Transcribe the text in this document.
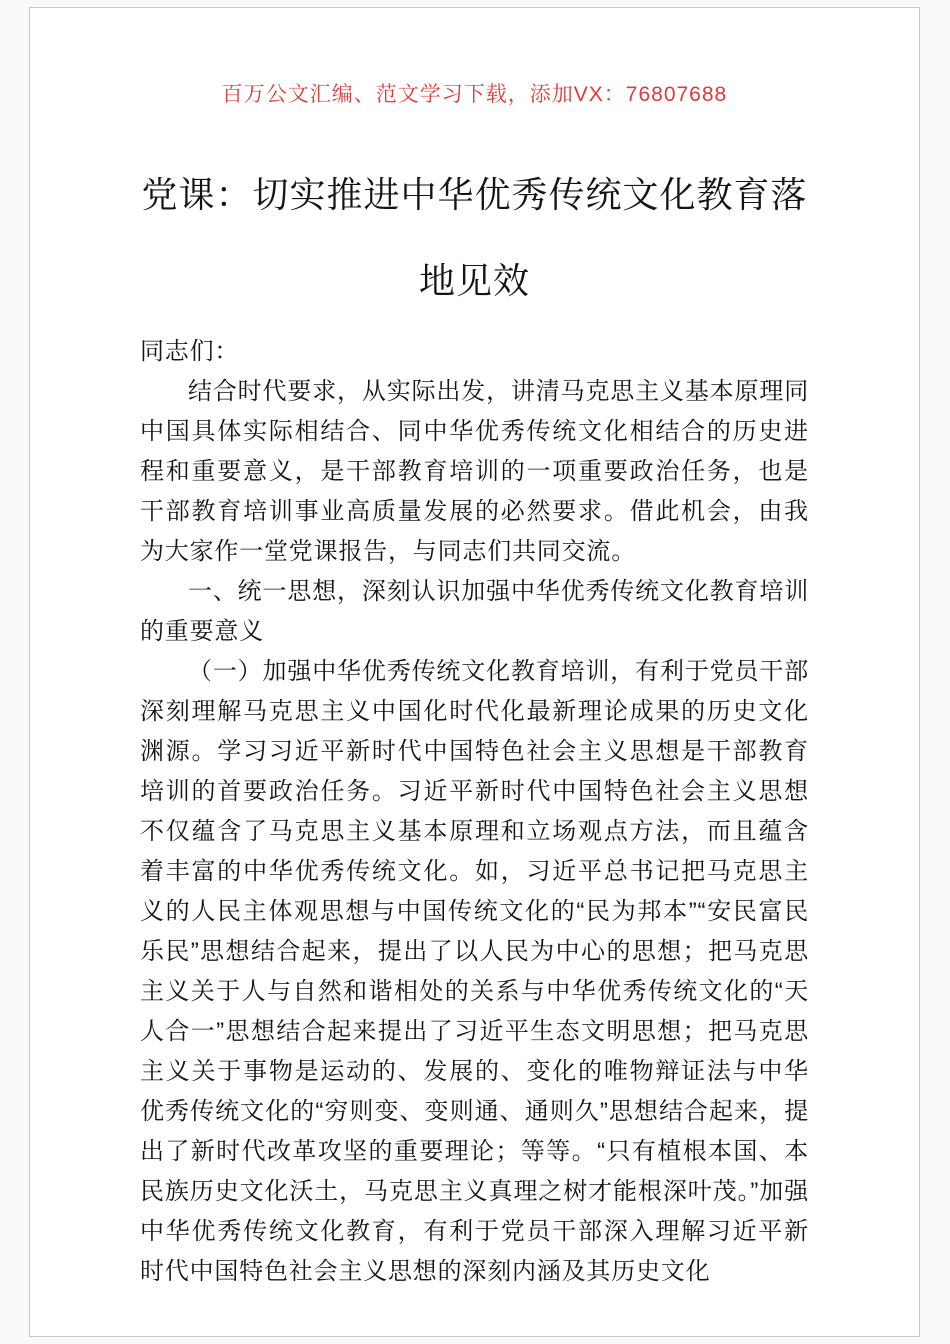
百万公文汇编、范文学习下载，添加VX：76807688
党课：切实推进中华优秀传统文化教育落地见效

同志们：

结合时代要求，从实际出发，讲清马克思主义基本原理同中国具体实际相结合、同中华优秀传统文化相结合的历史进程和重要意义，是干部教育培训的一项重要政治任务，也是干部教育培训事业高质量发展的必然要求。借此机会，由我为大家作一堂党课报告，与同志们共同交流。

一、统一思想，深刻认识加强中华优秀传统文化教育培训的重要意义

（一）加强中华优秀传统文化教育培训，有利于党员干部深刻理解马克思主义中国化时代化最新理论成果的历史文化渊源。学习习近平新时代中国特色社会主义思想是干部教育培训的首要政治任务。习近平新时代中国特色社会主义思想不仅蕴含了马克思主义基本原理和立场观点方法，而且蕴含着丰富的中华优秀传统文化。如，习近平总书记把马克思主义的人民主体观思想与中国传统文化的“民为邦本”“安民富民乐民”思想结合起来，提出了以人民为中心的思想；把马克思主义关于人与自然和谐相处的关系与中华优秀传统文化的“天人合一”思想结合起来提出了习近平生态文明思想；把马克思主义关于事物是运动的、发展的、变化的唯物辩证法与中华优秀传统文化的“穷则变、变则通、通则久”思想结合起来，提出了新时代改革攻坚的重要理论；等等。“只有植根本国、本民族历史文化沃土，马克思主义真理之树才能根深叶茂。”加强中华优秀传统文化教育，有利于党员干部深入理解习近平新时代中国特色社会主义思想的深刻内涵及其历史文化
